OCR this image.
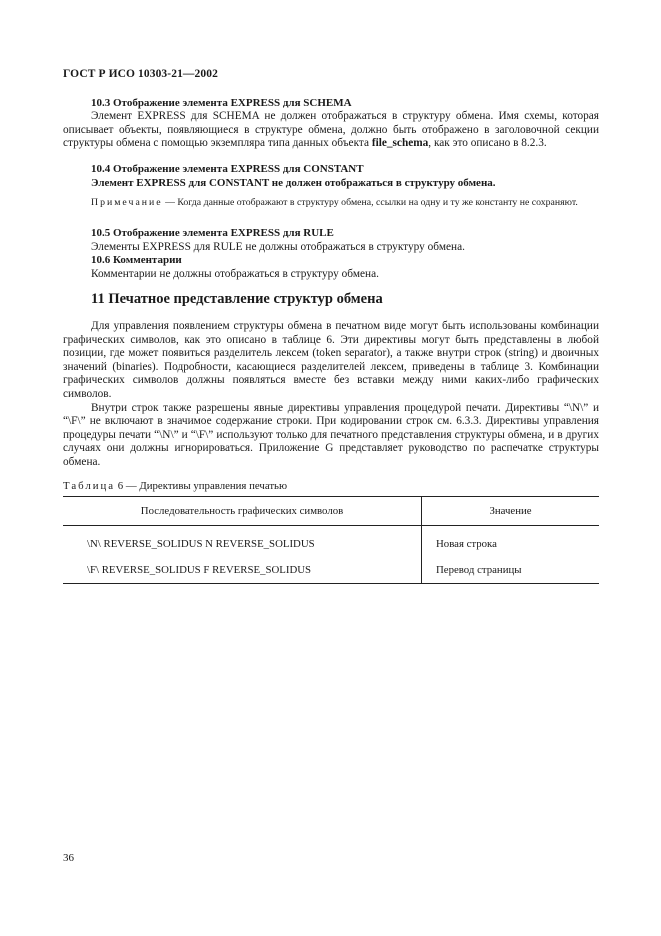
ГОСТ Р ИСО 10303-21—2002
10.3 Отображение элемента EXPRESS для SCHEMA

Элемент EXPRESS для SCHEMA не должен отображаться в структуру обмена. Имя схемы, которая описывает объекты, появляющиеся в структуре обмена, должно быть отображено в заголовочной секции структуры обмена с помощью экземпляра типа данных объекта file_schema, как это описано в 8.2.3.

10.4 Отображение элемента EXPRESS для CONSTANT
Элемент EXPRESS для CONSTANT не должен отображаться в структуру обмена.
Примечание — Когда данные отображают в структуру обмена, ссылки на одну и ту же константу не сохраняют.
10.5 Отображение элемента EXPRESS для RULE
Элементы EXPRESS для RULE не должны отображаться в структуру обмена.
10.6 Комментарии
Комментарии не должны отображаться в структуру обмена.
11 Печатное представление структур обмена

Для управления появлением структуры обмена в печатном виде могут быть использованы комбинации графических символов, как это описано в таблице 6. Эти директивы могут быть представлены в любой позиции, где может появиться разделитель лексем (token separator), а также внутри строк (string) и двоичных значений (binaries). Подробности, касающиеся разделителей лексем, приведены в таблице 3. Комбинации графических символов должны появляться вместе без вставки между ними каких-либо графических символов.

Внутри строк также разрешены явные директивы управления процедурой печати. Директивы “\N\” и “\F\” не включают в значимое содержание строки. При кодировании строк см. 6.3.3. Директивы управления процедуры печати “\N\” и “\F\” используют только для печатного представления структуры обмена, и в других случаях они должны игнорироваться. Приложение G представляет руководство по распечатке структуры обмена.

Таблица 6 — Директивы управления печатью
Последовательность графических символов	Значение
\N\ REVERSE_SOLIDUS N REVERSE_SOLIDUS	Новая строка
\F\ REVERSE_SOLIDUS F REVERSE_SOLIDUS	Перевод страницы
36
